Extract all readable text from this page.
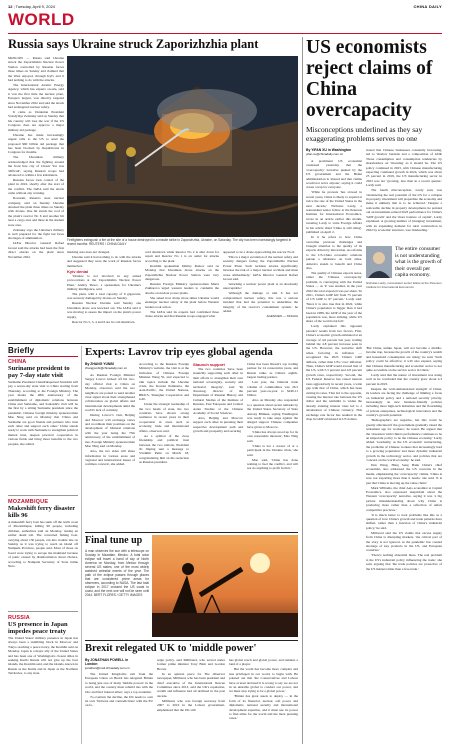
12 | Tuesday, April 9, 2024	CHINA DAILY
WORLD
Russia says Ukraine struck Zaporizhzhia plant

MOSCOW — Russia said Ukraine struck the Zaporizhzhia Nuclear Power Station controlled by Russian forces three times on Sunday and claimed that the West enjoyed, through Kyiv and it had nothing to do with the attacks.

The International Atomic Energy Agency, which has experts on-site, said it was the first time the nuclear plant, Europe's largest, was directly targeted since November 2022 and said the attack had endangered nuclear safety.

It came as Ukrainian President Volodymyr Zelensky said on Sunday that his country will lose the war if the US Congress does not approve a major military aid package.

Ukraine has made increasingly urgent calls to the US to send the proposed $60 billion aid package that has been blocked by Republicans in Congress for months.

The Ukrainian military acknowledged that the fighting around the front line city of Chasiv Yar was 'difficult', saying Russian troops had advanced to within a few kilometers.

Russian forces took control of the plant in 2022, shortly after the start of the conflict. The IAEA said the attack came without any warning.

Rosatom, Russia's state nuclear company, said on Sunday Ukraine attacked the plant three times on Sunday with drones. One hit struck the roof of the plant's reactor No 6 and another hit near a cargo area and three in the student zone area.

Zelensky says the Ukraine's military is well prepared for the fight but faces shortages of ammunition.

IAEA Director General Rafael Grossi said the attacks had been the first direct attacks on the plant since November 2022.

Firefighters extinguish a fire at the site of a house destroyed in a missile strike in Zaporizhzhia, Ukraine, on Saturday. The city has been increasingly targeted in recent months. REUTERS / CHINA DAILY

marking area does not changed.

Ukraine said it had nothing to do with the attacks and suggested they were the work of Russian forces themselves.

Kyiv denial

'Ukraine is not involved in any armed provocations at the Zaporizhzhia Nuclear Power Plant,' Andriy Yusov, a spokesman for Ukraine's military intelligence, said.

The plant, with a total capacity of 6 gigawatts, was severely damaged by drones on Sunday.

Russian Nuclear Ukraine said Sunday one Ukrainian drone was knocked out. The IAEA said it was moving to assess the impact on the plant's power supply.

Reactor No 5, 3, 4 and 6 are in cold shutdown.

cold shutdown while Reactor No 2 is shut down for repair and Reactor No 1 is on outlet for attacks according to the plant.

Kremlin spokesman Dmitry Peskov said on Monday that Ukrainian drone attacks on the Zaporizhzhia Nuclear Power Station were very dangerous.

Russian Foreign Ministry spokeswoman Maria Zakharova urged western leaders to condemn the attacks on nuclear power plants.

She asked how many more times Ukraine would endanger nuclear safety at the plant before Western leaders took action.

The IAEA said its experts had confirmed three drone attacks and that Russian troops engaged what

appeared to be a drone approaching the reactor No 6.

'This is a major escalation of the nuclear safety and security dangers facing the Zaporizhzhia Nuclear Power Plant. Such reckless attacks significantly increase the risk of a major nuclear accident and must cease immediately,' IAEA Director General Rafael Grossi said.

'Attacking a nuclear power plant is an absolutely unacceptable.'

'Although the damage at unit 6 has not compromised nuclear safety, this was a serious incident that had the potential to undermine the integrity of the reactor's containment system,' he added.

AGENCIES — XINHUA
Briefly
CHINA
Suriname president to pay 7-day state visit
Suriname President Chandrikapersad Santokhi will pay a seven-day state visit to China starting from Thursday, according to the Foreign Ministry. The year marks the 48th anniversary of the establishment of diplomatic relations between China and Suriname, and Santokhi's visit will be the first by a sitting Suriname president since the pandemic. Chinese foreign ministry spokeswoman Mao Ning said on Monday that 'China and Suriname are good friends and partners who trust each other and support each other.' China stands ready to work with Suriname to strengthen political mutual trust, deepen practical cooperation in various fields and bring more benefits to the two peoples, she added.
MOZAMBIQUE
Makeshift ferry disaster kills 96
A makeshift ferry boat has sunk off the north coast of Mozambique, killing 96 people, including children, authorities said on Monday, raising an earlier death toll. The converted fishing boat, carrying about 130 people, ran into trouble late on Sunday as it was trying to reach an island off Nampula Province, people said. Most of those on board were trying to escape the mainland because of panic caused by disinformation about cholera, according to Nampula Secretary of State Jaime Neto.
RUSSIA
US presence in Japan impedes peace treaty
The United States' military presence in Japan has always been a stumbling block in Moscow and Tokyo reaching a peace treaty, the Kremlin said on Monday. Japan is a major ally of the United States and has been one of Washington's closest allies in seeking Kurils Russia will not give up the four islands, the Kremlin said, and the islands, known in Russia as the Kurils and in Japan as the Northern Territories, to any state.
Experts: Lavrov trip eyes global agenda
By ZHANG YUNBI
zhangyunbi@chinadaily.com.cn

As Russian Foreign Minister Sergey Lavrov kicked off his two-day official visit to China on Monday, observers said the two neighbors are poised to send another clear signal about their strengthened collaboration on global affairs and international developments amid the world's lack of certainty.

During Lavrov's visit, Beijing and Moscow will exchange views and coordinate their positions on the development of bilateral relations with the year being the 75th anniversary of the establishment of ties, Foreign Ministry spokeswoman Mao Ning said on Monday.

Also, the two sides will share information in various areas and 'regional and international issues of common concern', she added.

According to the Russian Foreign Ministry's website, the visit is at the invitation of Chinese Foreign Minister Wang Yi, and expected to talk topics include the Ukraine crisis, the Korean Peninsula, the Asia-Pacific, the United Nations, BRICS, Shanghai Cooperation and G20.

Under the strategic leadership of the two heads of state, the two countries have shown strong resilience in recent years in their cooperation in areas such as economy, trade and international affairs, observers said.

As a symbol of the close friendship and political trust between the two nations, President Xi Jinping sent a message to Vladimir Putin on March 18, congratulating him on his reelection as Russian president.

Staunch support

The two countries 'have been staunchly supporting each other in their efforts to strengthen their own national sovereignty, security and territorial integrity', said Yu Xiaotong, director of the Department of Russian History and Cultural Studies of the Institute of Russian, East European and Central Asian Studies at the Chinese Academy of Social Sciences.

Also, Beijing and Moscow support each other in pursuing their respective development path and growth and prosperity and securing

China has been Russia's top trading partner for 14 consecutive years, and Russia ranks as China's eighth-largest trading partner.

Last year, the bilateral trade volume of commodities was 26.3 percent year-on-year to $240.11 billion.

Also on Monday also responded to a question about recent remarks by the United States Secretary of State Antony Blinken, saying Washington was ready to take steps against the alleged support Chinese companies have given to Moscow.

'China has always stood up for its own reasonable interests', Mao Ning said.

'China is not a creator of or a participant in the Ukraine crisis,' she said.

Mao said, 'China has done nothing to fuel the conflict, and will not do anything to profit from it.'

Final tune up
A man observes the sun with a telescope on Sunday in Mazatlan, Mexico. A total solar eclipse will travel a band of sky of North America on Monday, from Mexico through several US states, one of the most widely watched celestial events of the year. The path of the eclipse passes through places that are considered prime areas for observers, according to NASA. The last total eclipse in 2017 crossed the US coast to coast, and the next one will not be seen until 2044. BERT FLORES / GETTY IMAGES
Brexit relegated UK to 'middle power'
By JONATHAN POWELL in London
jonathan@mail.chinadaily.com.cn

The United Kingdom's exit from the European Union on Brexit has relegated Britain to being just one of many 'middle powers' in the world, and the country must rebuild ties with the bloc and find 'natural allies', says a top academic.

To overturn the decline, the UK needs to own its own 'frictions and contradictions' with the EU on fo-

reign policy, said Milliband, who served under former prime minister Tony Blair and Gordon Brown.

In an opinion piece for The Observer newspaper, Miliband, who has been president and chief executive of the International Rescue Committee since 2013, said the UK's reputation, wealth and influence had all declined in the past decade.

Miliband, who was foreign secretary from 2007 to 2010 in the Labour government, emphasized that the UK still

has global reach and global power, and remains a land of a player.

But the world has become more complex and less privileged in our world, to begin with. He pointed out that 'the Conservatives and Labour have at least declared it is wrong to say we are not in an unstable global to conduct our power, and we must stop trying to be a global power.'

'Britain has great assets to deploy — in the form of its financial, nuclear, soft power and diplomatic, national security and international development expertise, and it must use its power to find allies for the world and the most pressing cases.'

US economists reject claims of China overcapacity
Misconceptions underlined as they say exaggerating problems serves no one
By YIFAN XU in Washington
yifan.xu@chinadaily.com.cn

A prominent US economist cautioned yesterday that the 'overcapacity' narrative pushed by the US government and the Biden administration is 'absurd and that claims would not serve anyone', saying it could create a trap for everyone.

'While he protests 'has slowed in recent years, China is likely to expand at twice the rate of the United States in the next decade,' Nicholas Lardy, a nonresident senior fellow at the Peterson Institute for International Economics, wrote in an article earlier this month, tweeting Lardy to write Foreign Affairs in his article titled 'China is still rising', published on April 2.

In it he refers to how China overcame previous challenges and brought attention to the quality of its exports driven by innovation. As reforms to the US-China economic relations pursue a rebalance on both sides, America stands to benefit and China also.

The quality of Chinese exports notes, rather the 'Chinese overcapacity' problem, is converging with the United States — as 'it' was studied, in the year 2022 the total exported was per share. 'In 2021, China's GDP fell from 75 percent of US GDP to 67 percent,' Lardy said. 'Since it is also true that in 2022, while China's population is bigger than it had been in 1989, the GDP of the year of the population was, more striking, while US share of the world total fell.'

Lardy explained this 'apparent paradox' results from two factors. First, China's economic growth estimated at an average of 4.6 percent last year, trailing behind the 4.8 percent increase seen in the US. However, the narrative shift when factoring in inflation — recognized the 2023 China's GDP deflator, rather than US's 'core' inflation. Then, China's GDP would exceed that of the US, with 5.3 percent and 4.8 percent growth rates, respectively. Second, the US Federal Reserve has raised interest rates aggressively in recent years, a wide gap with that of China, which has been cutting its rates. That led to the opposite, causing the interest rate between the US dollar and the renminbi to widen the already existing interest rates led to a devaluation of Chinese currency. This exchange rate factor has resulted in the drop in GDP calculated in US dollars.

tioned that Chinese businesses constantly increasing, led to 'shadow burdens and a composition of GDP. Those consumption and consumption tendencies by shareholders on 'investing' as it should be. The US policy continued in 2023, with Chinese manufacturing expecting continued growth in 2024, which was about 25 percent in 2019, the US manufacturing sector in 2023 was not 'growing, less than in a recent quarter,' Lardy said.

The fourth misconception, Lardy said, was 'rebalancing the real potential of the US for a collapse in property investment will jeopardize the economy and make it unlikely that is to be achieved.' Despite a noticeable decline in property development, he pointed out an investment-related 2023 performance for China's 'GDP growth' and the 'more balance of capital', Lardy explained. A growing number of 'plunging' investment, with an expanding demand for rural construction in 2022 by economic structure, was 'misleading.'

The entire consumer is not understanding what is the growth of their overall per capita economy.
Nicholas Lardy, nonresident senior fellow at the Peterson Institute for International Economics

'But China, unlike Japan, will not become a middle-income trap, because the growth of the country's wealth and household consumption are rising,' he said. 'Such policy could be effective; it will also expand, saying that Chinese manufacturing and economic sector is not quite accessible on the service sector in China.'

Lardy said that the nature of investment was doing well as he concluded that the country grew about 4.3 percent in 2023.

Despite the 'well-demonstrated strength' of China, its leaders are facing the challenge of limiting a focus on industrial policy and a national security priority, increasingly on new business-friendly policies including more high-tech industries and the flourishing of private enterprises, technological innovation and the country's growth potential.

'Demographics are negative, but this could be greatly alleviated if the government gradually raised the retirement age for workers,' he noted. He argued that the 'obsession with China's performance continues to be an important policy to be the Chinese economy,' Lardy added. 'Gradually, as the US economic restructuring, the problems of Chinese workers that increasingly lead to a growing population' and more dynamic industrial growth in the technology sector, and policies that are 'concern on the world economy,' he said.

Dan Wang, Hang Seng Bank China's chief economist, also addressed the US concerns in the media, emphasizing the 'overcapacity' claims. 'China is now not exporting more than it needs,' she said. 'It is just that China is moving up the value chain.'

Mark Williams, the chief Asia economist at Capital Economics, also expressed skepticism about the Western 'overcapacity' narrative, saying it was 'a big picture misunderstanding about why China is producing more rather than a reflection of unfair competitive practices.'

'It is much better to treat problems like this as a question of how China's growth and trade patterns have shifted, rather than a function of China's industrial policy,' he said.

Millward said the US claims that excess supply from China is disrupting markets, 'the critical part of the story is not ignored, as the pandemic has created shortage of key products in the US, and European countries.'

'There's nothing abnormal there. The real problem is the US's industrial policy influencing the trade,' she said, arguing that 'the trade policies are protective of the US market rather than a free trade.'
